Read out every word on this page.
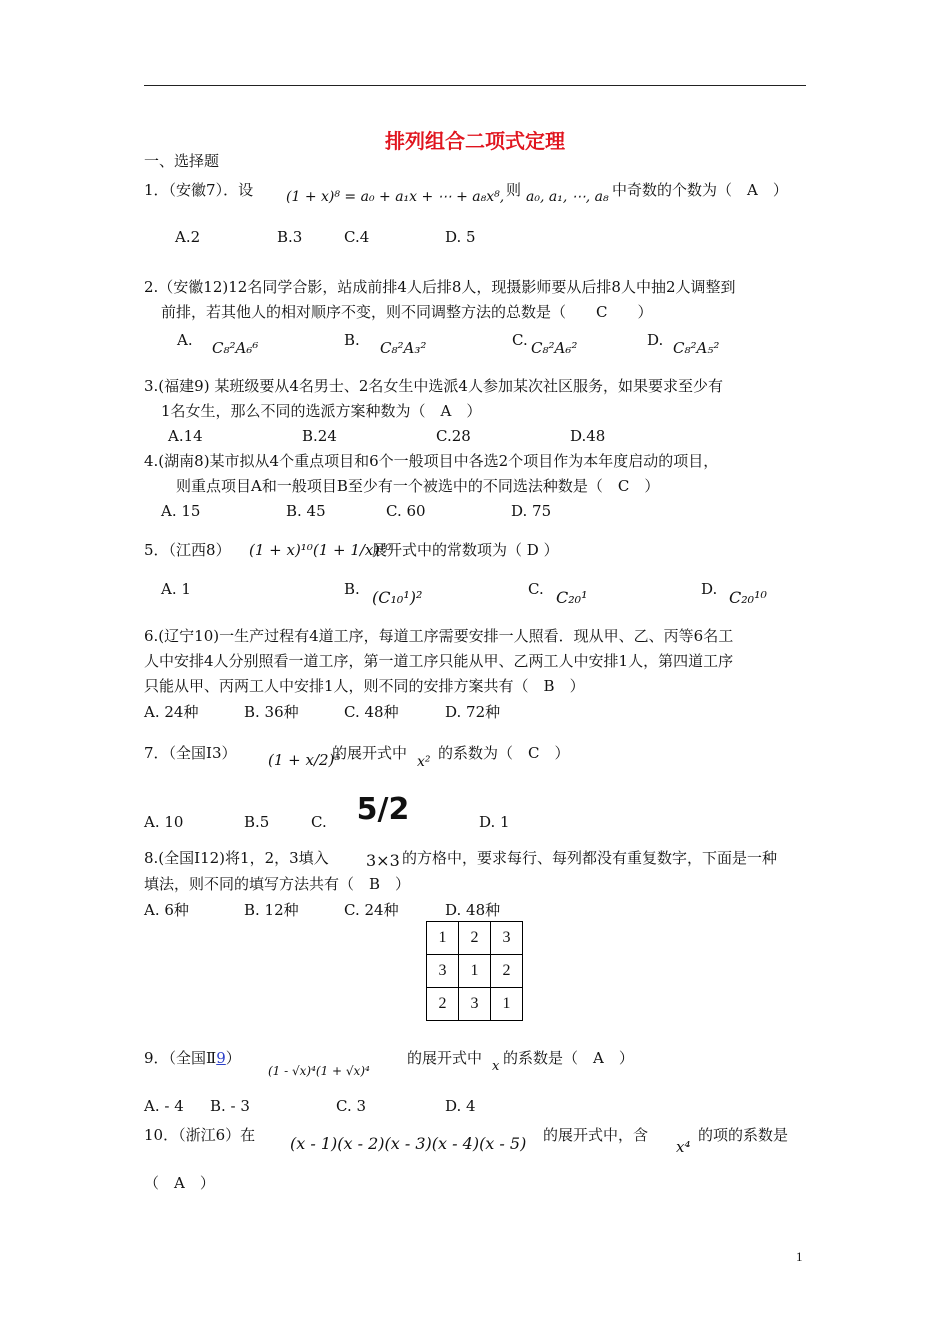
排列组合二项式定理
一、选择题
1．（安徽7）．设 (1 + x)⁸ = a₀ + a₁x + ⋯ + a₈x⁸, 则 a₀, a₁, ⋯, a₈ 中奇数的个数为（　A　）
A.2	B.3	C.4	D. 5
2.（安徽12)12名同学合影，站成前排4人后排8人，现摄影师要从后排8人中抽2人调整到
前排，若其他人的相对顺序不变，则不同调整方法的总数是（　　C　　）
A. C₈²A₆⁶	B. C₈²A₃²	C. C₈²A₆²	D. C₈²A₅²
3.(福建9) 某班级要从4名男士、2名女生中选派4人参加某次社区服务，如果要求至少有
1名女生，那么不同的选派方案种数为（　A　）
A.14	B.24	C.28	D.48
4.(湖南8)某市拟从4个重点项目和6个一般项目中各选2个项目作为本年度启动的项目，
则重点项目A和一般项目B至少有一个被选中的不同选法种数是（　C　）
A. 15	B. 45	C. 60	D. 75
5．（江西8） (1 + x)¹⁰(1 + 1/x)¹⁰
展开式中的常数项为（ D ）
A. 1	B. (C₁₀¹)²	C. C₂₀¹	D. C₂₀¹⁰
6.(辽宁10)一生产过程有4道工序，每道工序需要安排一人照看．现从甲、乙、丙等6名工
人中安排4人分别照看一道工序，第一道工序只能从甲、乙两工人中安排1人，第四道工序
只能从甲、丙两工人中安排1人，则不同的安排方案共有（　B　）
A. 24种	B. 36种	C. 48种	D. 72种
7．（全国Ⅰ3） (1 + x/2)⁵
的展开式中 x² 的系数为（　C　）
A. 10	B.5	C. 5/2	D. 1
8.(全国Ⅰ12)将1，2，3填入 3×3 的方格中，要求每行、每列都没有重复数字，下面是一种
填法，则不同的填写方法共有（　B　）
A. 6种	B. 12种	C. 24种	D. 48种
1	2	3
3	1	2
2	3	1
9．（全国Ⅱ9）
(1 - √x)⁴(1 + √x)⁴
的展开式中 x 的系数是（　A　）
A. - 4 B. - 3	C. 3	D. 4
10．（浙江6）在 (x - 1)(x - 2)(x - 3)(x - 4)(x - 5) 的展开式中，含
x⁴
的项的系数是
（　A　）
1
